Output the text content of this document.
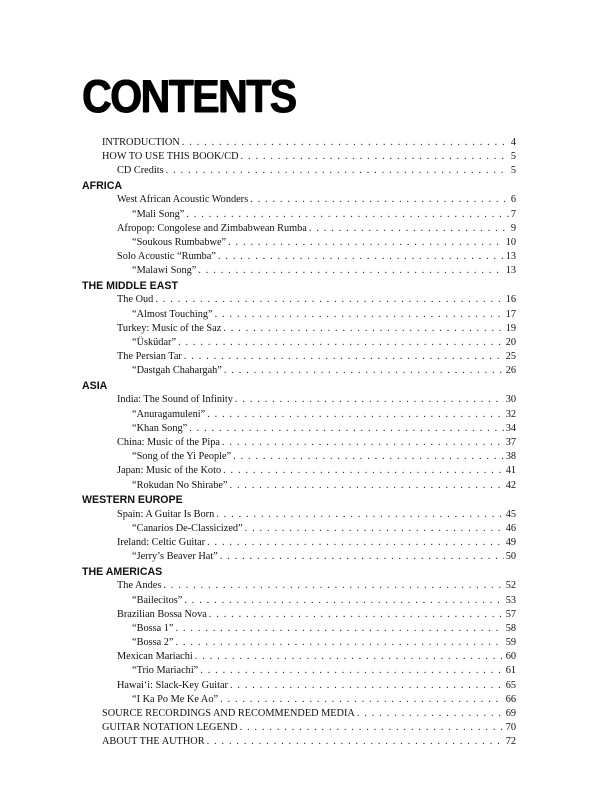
CONTENTS
INTRODUCTION . . .	4
HOW TO USE THIS BOOK/CD . . .	5
CD Credits . . .	5
AFRICA
West African Acoustic Wonders . . .	6
“Mali Song” . . .	7
Afropop: Congolese and Zimbabwean Rumba . . .	9
“Soukous Rumbabwe” . . .	10
Solo Acoustic “Rumba” . . .	13
“Malawi Song” . . .	13
THE MIDDLE EAST
The Oud . . .	16
“Almost Touching” . . .	17
Turkey: Music of the Saz . . .	19
“Üsküdar” . . .	20
The Persian Tar . . .	25
“Dastgah Chahargah” . . .	26
ASIA
India: The Sound of Infinity . . .	30
“Anuragamuleni” . . .	32
“Khan Song” . . .	34
China: Music of the Pipa . . .	37
“Song of the Yi People” . . .	38
Japan: Music of the Koto . . .	41
“Rokudan No Shirabe” . . .	42
WESTERN EUROPE
Spain: A Guitar Is Born . . .	45
“Canarios De-Classicized” . . .	46
Ireland: Celtic Guitar . . .	49
“Jerry’s Beaver Hat” . . .	50
THE AMERICAS
The Andes . . .	52
“Bailecitos” . . .	53
Brazilian Bossa Nova . . .	57
“Bossa 1” . . .	58
“Bossa 2” . . .	59
Mexican Mariachi . . .	60
“Trio Mariachi” . . .	61
Hawai‘i: Slack-Key Guitar . . .	65
“I Ka Po Me Ke Ao” . . .	66
SOURCE RECORDINGS AND RECOMMENDED MEDIA . . .	69
GUITAR NOTATION LEGEND . . .	70
ABOUT THE AUTHOR . . .	72
